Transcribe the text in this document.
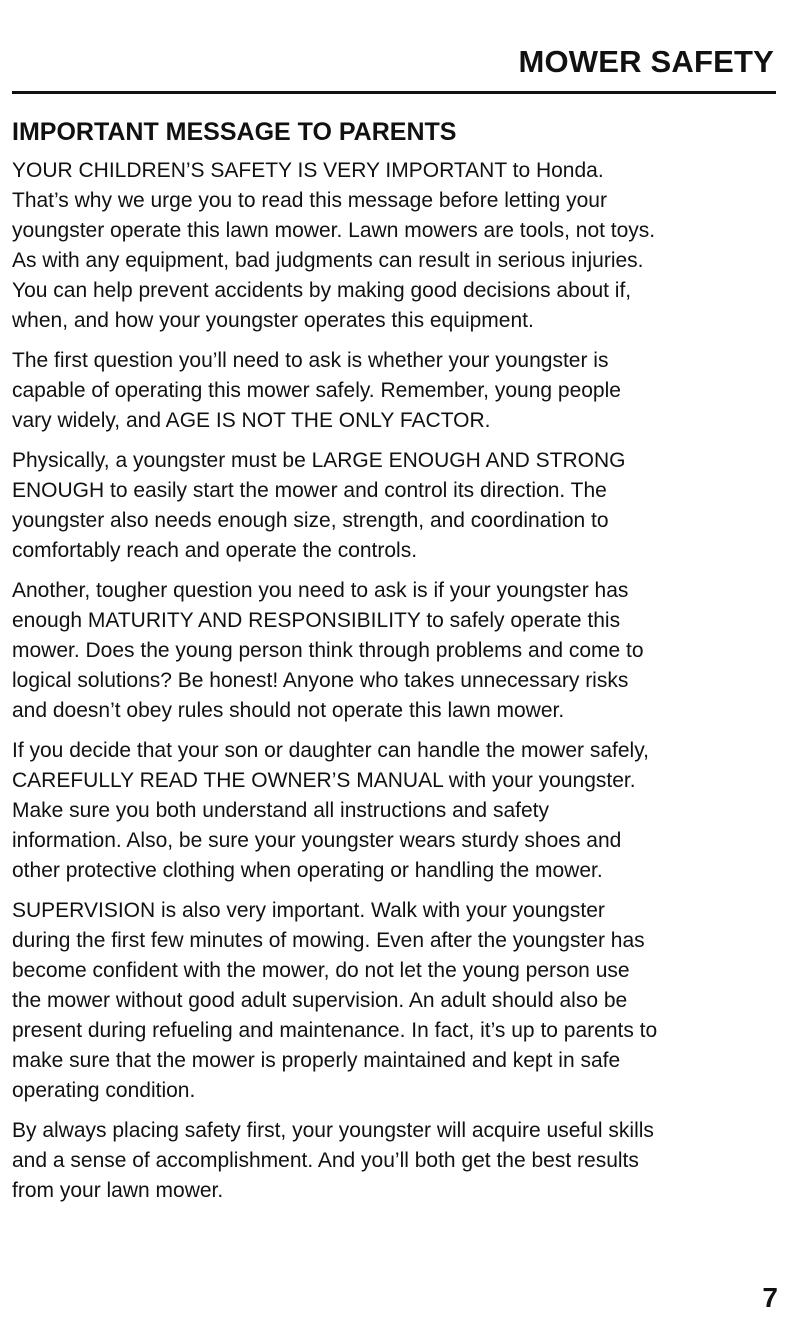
MOWER SAFETY
IMPORTANT MESSAGE TO PARENTS
YOUR CHILDREN’S SAFETY IS VERY IMPORTANT to Honda.
That’s why we urge you to read this message before letting your
youngster operate this lawn mower. Lawn mowers are tools, not toys.
As with any equipment, bad judgments can result in serious injuries.
You can help prevent accidents by making good decisions about if,
when, and how your youngster operates this equipment.
The first question you’ll need to ask is whether your youngster is
capable of operating this mower safely. Remember, young people
vary widely, and AGE IS NOT THE ONLY FACTOR.
Physically, a youngster must be LARGE ENOUGH AND STRONG
ENOUGH to easily start the mower and control its direction. The
youngster also needs enough size, strength, and coordination to
comfortably reach and operate the controls.
Another, tougher question you need to ask is if your youngster has
enough MATURITY AND RESPONSIBILITY to safely operate this
mower. Does the young person think through problems and come to
logical solutions? Be honest! Anyone who takes unnecessary risks
and doesn’t obey rules should not operate this lawn mower.
If you decide that your son or daughter can handle the mower safely,
CAREFULLY READ THE OWNER’S MANUAL with your youngster.
Make sure you both understand all instructions and safety
information. Also, be sure your youngster wears sturdy shoes and
other protective clothing when operating or handling the mower.
SUPERVISION is also very important. Walk with your youngster
during the first few minutes of mowing. Even after the youngster has
become confident with the mower, do not let the young person use
the mower without good adult supervision. An adult should also be
present during refueling and maintenance. In fact, it’s up to parents to
make sure that the mower is properly maintained and kept in safe
operating condition.
By always placing safety first, your youngster will acquire useful skills
and a sense of accomplishment. And you’ll both get the best results
from your lawn mower.
7
